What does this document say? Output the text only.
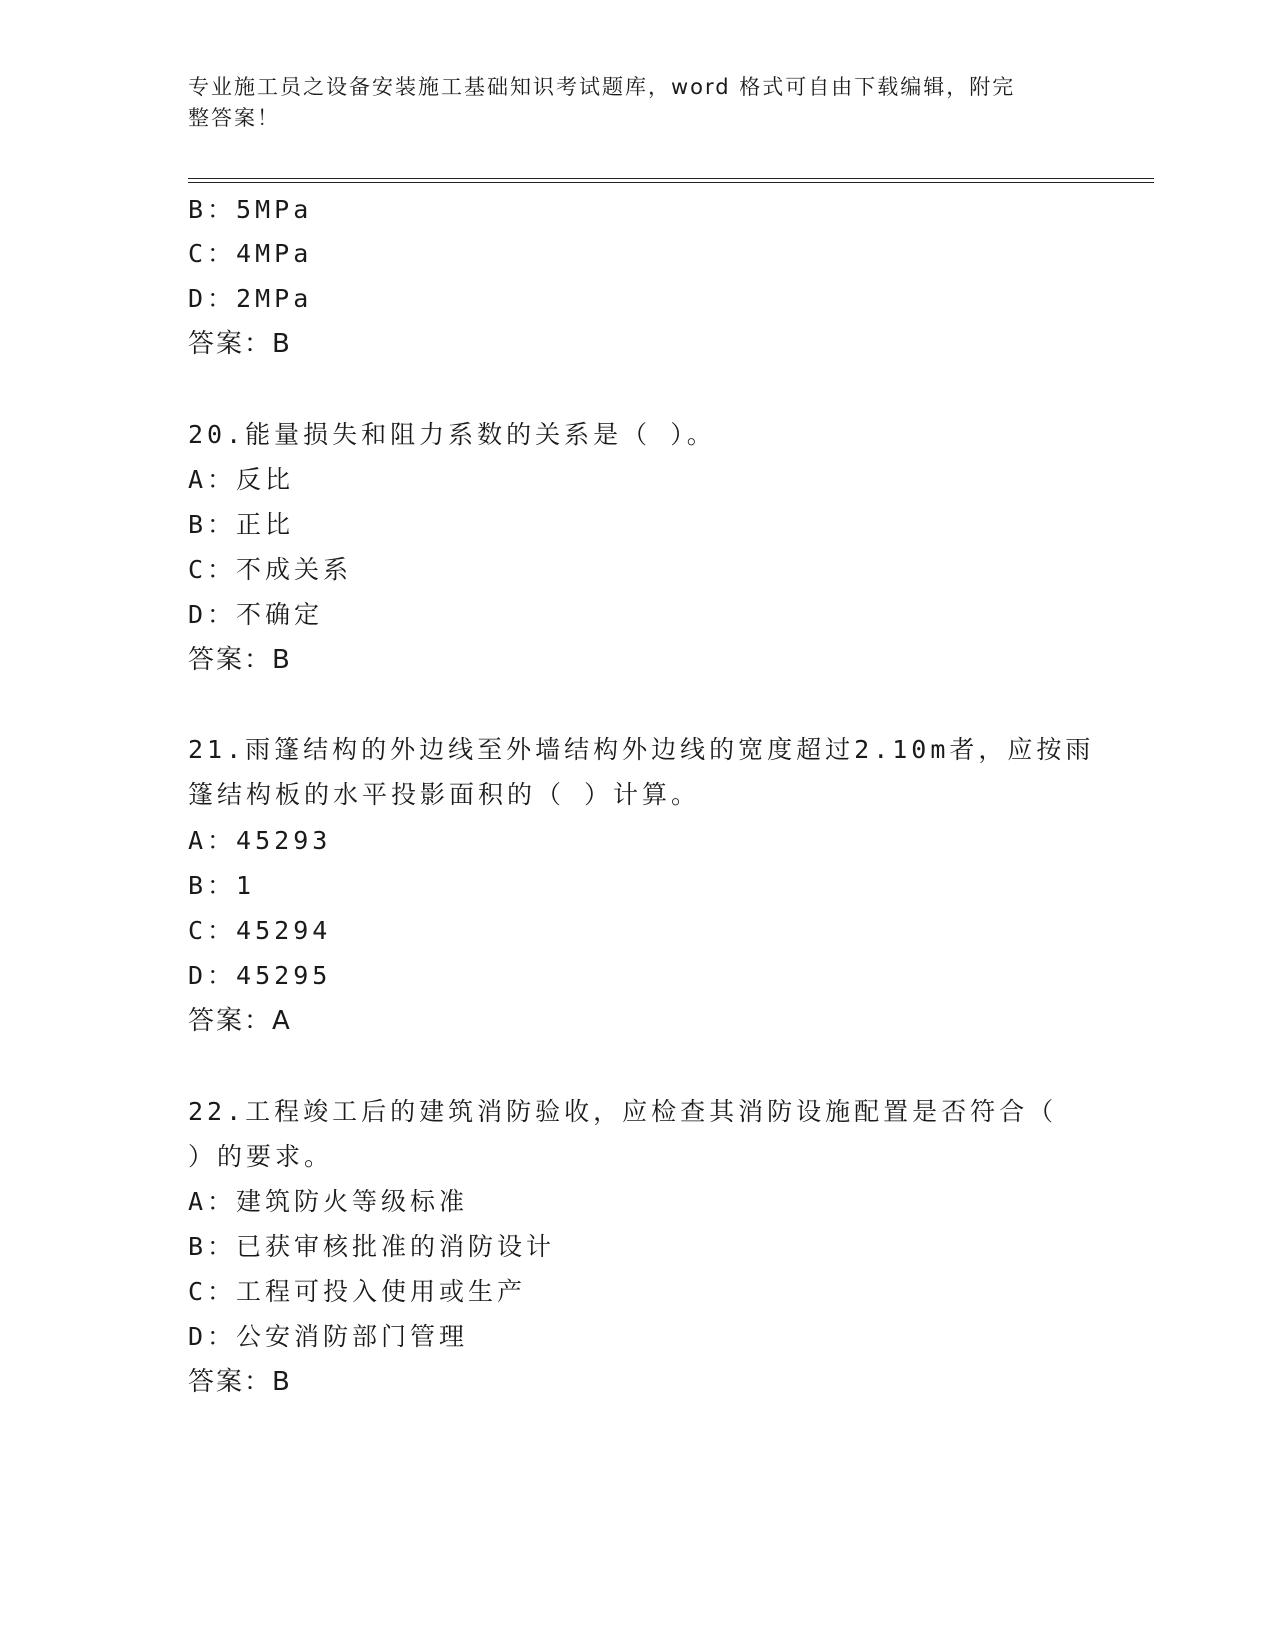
专业施工员之设备安装施工基础知识考试题库，word 格式可自由下载编辑，附完
整答案！
B：5MPa
C：4MPa
D：2MPa
答案：B
20.能量损失和阻力系数的关系是（ ）。
A：反比
B：正比
C：不成关系
D：不确定
答案：B
21.雨篷结构的外边线至外墙结构外边线的宽度超过2.10m者，应按雨
篷结构板的水平投影面积的（ ）计算。
A：45293
B：1
C：45294
D：45295
答案：A
22.工程竣工后的建筑消防验收，应检查其消防设施配置是否符合（
）的要求。
A：建筑防火等级标准
B：已获审核批准的消防设计
C：工程可投入使用或生产
D：公安消防部门管理
答案：B
